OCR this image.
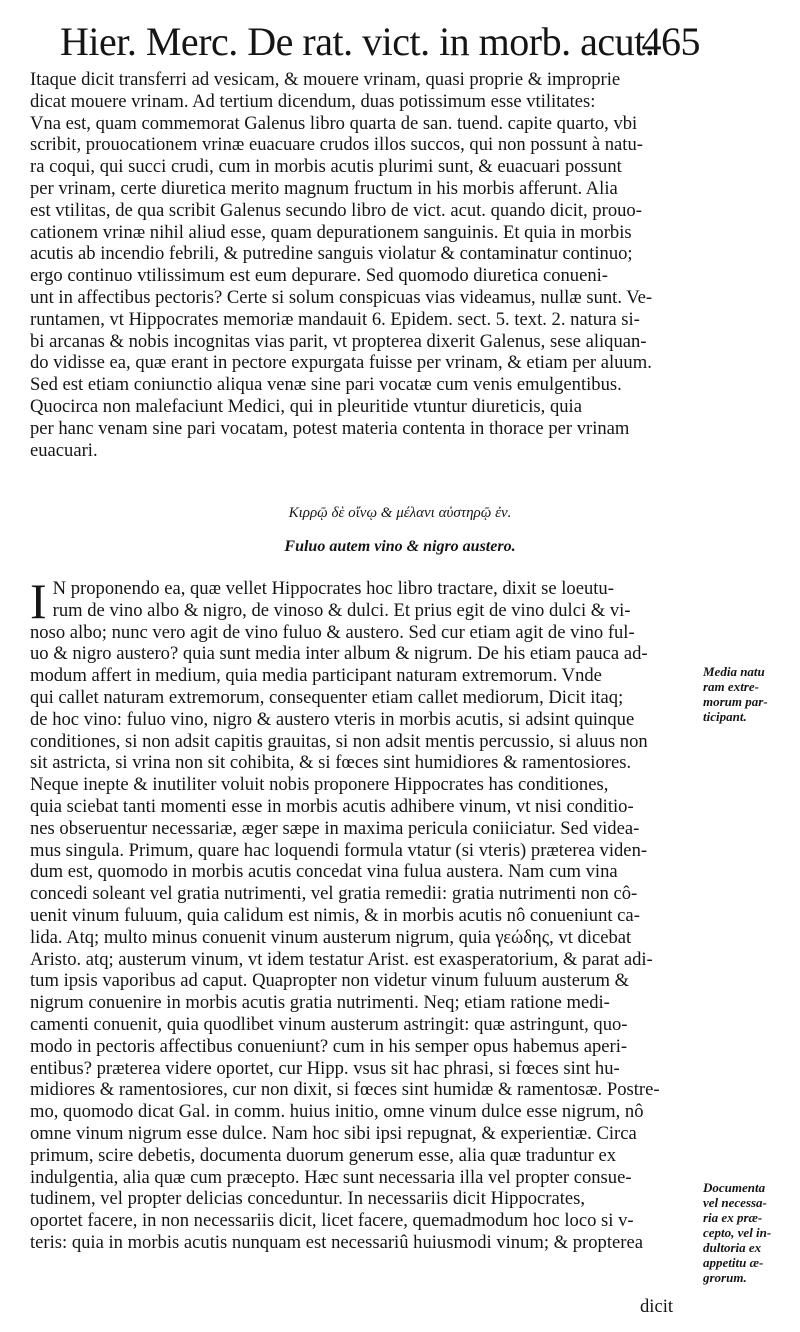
Hier. Merc. De rat. vict. in morb. acut.
465
Itaque dicit transferri ad vesicam, & mouere vrinam, quasi proprie & improprie
dicat mouere vrinam. Ad tertium dicendum, duas potissimum esse vtilitates:
Vna est, quam commemorat Galenus libro quarta de san. tuend. capite quarto, vbi
scribit, prouocationem vrinæ euacuare crudos illos succos, qui non possunt à natu-
ra coqui, qui succi crudi, cum in morbis acutis plurimi sunt, & euacuari possunt
per vrinam, certe diuretica merito magnum fructum in his morbis afferunt. Alia
est vtilitas, de qua scribit Galenus secundo libro de vict. acut. quando dicit, prouo-
cationem vrinæ nihil aliud esse, quam depurationem sanguinis. Et quia in morbis
acutis ab incendio febrili, & putredine sanguis violatur & contaminatur continuo;
ergo continuo vtilissimum est eum depurare. Sed quomodo diuretica conueni-
unt in affectibus pectoris? Certe si solum conspicuas vias videamus, nullæ sunt. Ve-
runtamen, vt Hippocrates memoriæ mandauit 6. Epidem. sect. 5. text. 2. natura si-
bi arcanas & nobis incognitas vias parit, vt propterea dixerit Galenus, sese aliquan-
do vidisse ea, quæ erant in pectore expurgata fuisse per vrinam, & etiam per aluum.
Sed est etiam coniunctio aliqua venæ sine pari vocatæ cum venis emulgentibus.
Quocirca non malefaciunt Medici, qui in pleuritide vtuntur diureticis, quia
per hanc venam sine pari vocatam, potest materia contenta in thorace per vrinam
euacuari.
Κιρρῷ δὲ οἴνῳ & μέλανι αὐστηρῷ ἐν.
Fuluo autem vino & nigro austero.
I N proponendo ea, quæ vellet Hippocrates hoc libro tractare, dixit se loeutu-
rum de vino albo & nigro, de vinoso & dulci. Et prius egit de vino dulci & vi-
noso albo; nunc vero agit de vino fuluo & austero. Sed cur etiam agit de vino ful-
uo & nigro austero? quia sunt media inter album & nigrum. De his etiam pauca ad-
modum affert in medium, quia media participant naturam extremorum. Vnde
qui callet naturam extremorum, consequenter etiam callet mediorum, Dicit itaq;
de hoc vino: fuluo vino, nigro & austero vteris in morbis acutis, si adsint quinque
conditiones, si non adsit capitis grauitas, si non adsit mentis percussio, si aluus non
sit astricta, si vrina non sit cohibita, & si fœces sint humidiores & ramentosiores.
Neque inepte & inutiliter voluit nobis proponere Hippocrates has conditiones,
quia sciebat tanti momenti esse in morbis acutis adhibere vinum, vt nisi conditio-
nes obseruentur necessariæ, æger sæpe in maxima pericula coniiciatur. Sed videa-
mus singula. Primum, quare hac loquendi formula vtatur (si vteris) præterea viden-
dum est, quomodo in morbis acutis concedat vina fulua austera. Nam cum vina
concedi soleant vel gratia nutrimenti, vel gratia remedii: gratia nutrimenti non cô-
uenit vinum fuluum, quia calidum est nimis, & in morbis acutis nô conueniunt ca-
lida. Atq; multo minus conuenit vinum austerum nigrum, quia γεώδης, vt dicebat
Aristo. atq; austerum vinum, vt idem testatur Arist. est exasperatorium, & parat adi-
tum ipsis vaporibus ad caput. Quapropter non videtur vinum fuluum austerum &
nigrum conuenire in morbis acutis gratia nutrimenti. Neq; etiam ratione medi-
camenti conuenit, quia quodlibet vinum austerum astringit: quæ astringunt, quo-
modo in pectoris affectibus conueniunt? cum in his semper opus habemus aperi-
entibus? præterea videre oportet, cur Hipp. vsus sit hac phrasi, si fœces sint hu-
midiores & ramentosiores, cur non dixit, si fœces sint humidæ & ramentosæ. Postre-
mo, quomodo dicat Gal. in comm. huius initio, omne vinum dulce esse nigrum, nô
omne vinum nigrum esse dulce. Nam hoc sibi ipsi repugnat, & experientiæ. Circa
primum, scire debetis, documenta duorum generum esse, alia quæ traduntur ex
indulgentia, alia quæ cum præcepto. Hæc sunt necessaria illa vel propter consue-
tudinem, vel propter delicias conceduntur. In necessariis dicit Hippocrates,
oportet facere, in non necessariis dicit, licet facere, quemadmodum hoc loco si v-
teris: quia in morbis acutis nunquam est necessariû huiusmodi vinum; & propterea
Media natu
ram extre-
morum par-
ticipant.
Documenta
vel necessa-
ria ex præ-
cepto, vel in-
dultoria ex
appetitu æ-
grorum.
dicit
